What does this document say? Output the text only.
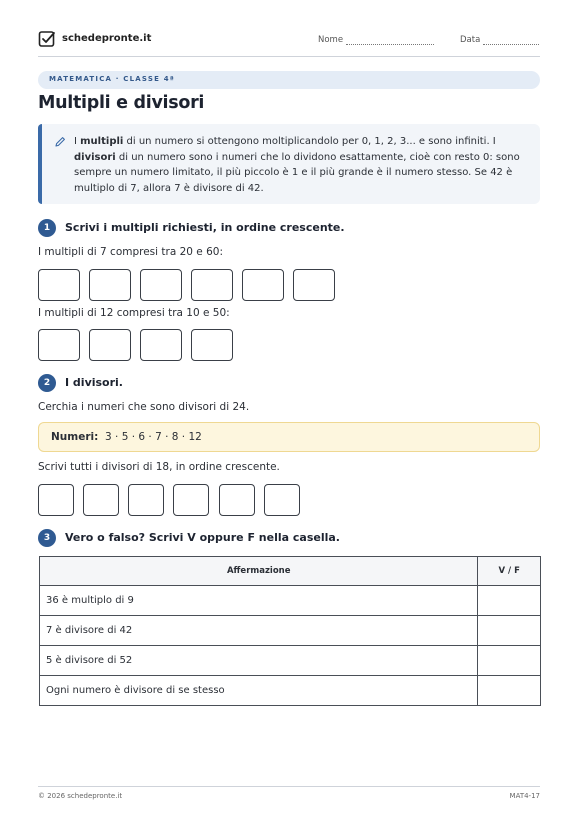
schedepronte.it	Nome	Data
MATEMATICA · CLASSE 4ª
Multipli e divisori
I multipli di un numero si ottengono moltiplicandolo per 0, 1, 2, 3... e sono infiniti. I divisori di un numero sono i numeri che lo dividono esattamente, cioè con resto 0: sono sempre un numero limitato, il più piccolo è 1 e il più grande è il numero stesso. Se 42 è multiplo di 7, allora 7 è divisore di 42.
1	Scrivi i multipli richiesti, in ordine crescente.
I multipli di 7 compresi tra 20 e 60:
I multipli di 12 compresi tra 10 e 50:
2	I divisori.
Cerchia i numeri che sono divisori di 24.
Numeri: 3 · 5 · 6 · 7 · 8 · 12
Scrivi tutti i divisori di 18, in ordine crescente.
3	Vero o falso? Scrivi V oppure F nella casella.
Affermazione	V / F
36 è multiplo di 9	
7 è divisore di 42	
5 è divisore di 52	
Ogni numero è divisore di se stesso	
© 2026 schedepronte.it	MAT4-17
